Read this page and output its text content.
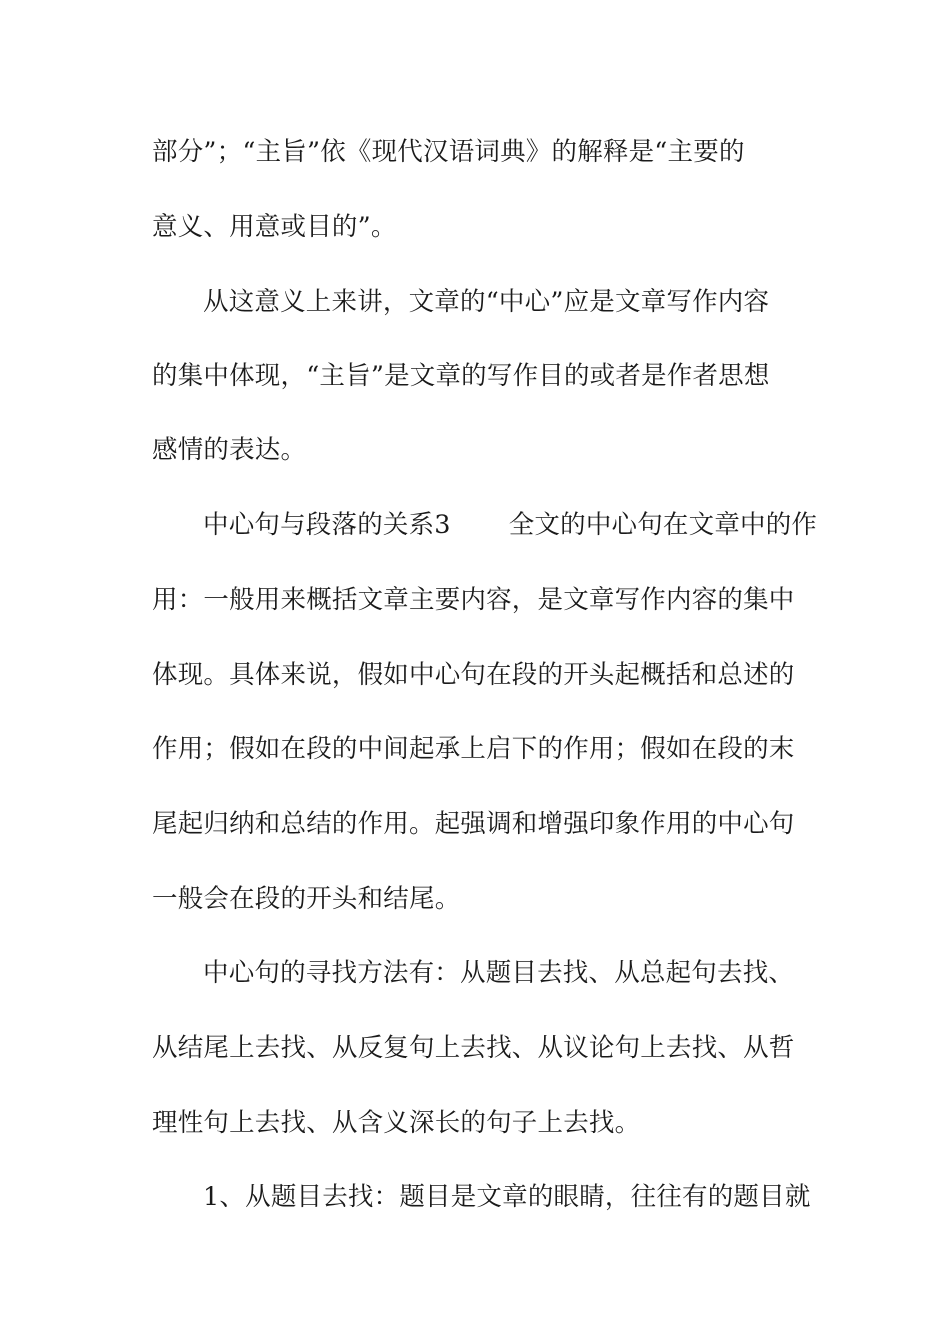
部分”；“主旨”依《现代汉语词典》的解释是“主要的
意义、用意或目的”。
从这意义上来讲，文章的“中心”应是文章写作内容
的集中体现，“主旨”是文章的写作目的或者是作者思想
感情的表达。
中心句与段落的关系3 全文的中心句在文章中的作
用：一般用来概括文章主要内容，是文章写作内容的集中
体现。具体来说，假如中心句在段的开头起概括和总述的
作用；假如在段的中间起承上启下的作用；假如在段的末
尾起归纳和总结的作用。起强调和增强印象作用的中心句
一般会在段的开头和结尾。
中心句的寻找方法有：从题目去找、从总起句去找、
从结尾上去找、从反复句上去找、从议论句上去找、从哲
理性句上去找、从含义深长的句子上去找。
1、从题目去找：题目是文章的眼睛，往往有的题目就
